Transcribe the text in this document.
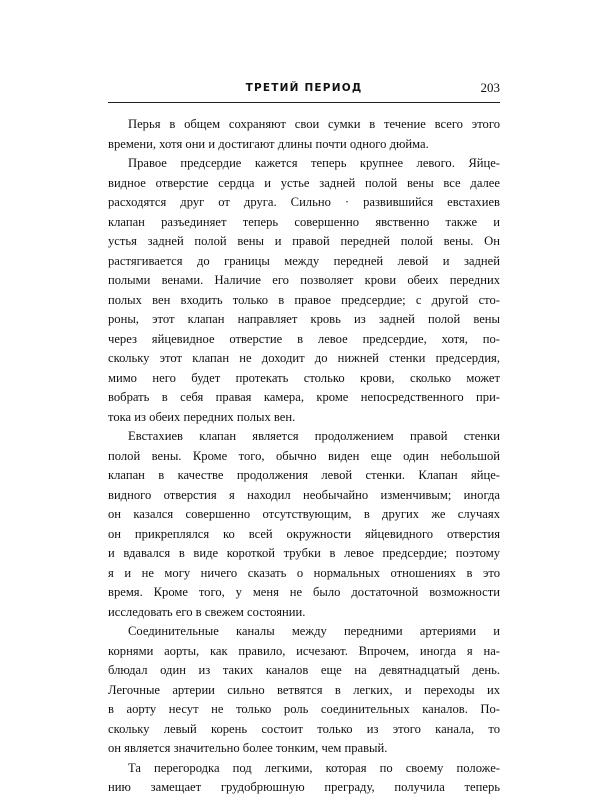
ТРЕТИЙ ПЕРИОД	203
Перья в общем сохраняют свои сумки в течение всего этого
времени, хотя они и достигают длины почти одного дюйма.
Правое предсердие кажется теперь крупнее левого. Яйце-
видное отверстие сердца и устье задней полой вены все далее
расходятся друг от друга. Сильно · развившийся евстахиев
клапан разъединяет теперь совершенно явственно также и
устья задней полой вены и правой передней полой вены. Он
растягивается до границы между передней левой и задней
полыми венами. Наличие его позволяет крови обеих передних
полых вен входить только в правое предсердие; с другой сто-
роны, этот клапан направляет кровь из задней полой вены
через яйцевидное отверстие в левое предсердие, хотя, по-
скольку этот клапан не доходит до нижней стенки предсердия,
мимо него будет протекать столько крови, сколько может
вобрать в себя правая камера, кроме непосредственного при-
тока из обеих передних полых вен.
Евстахиев клапан является продолжением правой стенки
полой вены. Кроме того, обычно виден еще один небольшой
клапан в качестве продолжения левой стенки. Клапан яйце-
видного отверстия я находил необычайно изменчивым; иногда
он казался совершенно отсутствующим, в других же случаях
он прикреплялся ко всей окружности яйцевидного отверстия
и вдавался в виде короткой трубки в левое предсердие; поэтому
я и не могу ничего сказать о нормальных отношениях в это
время. Кроме того, у меня не было достаточной возможности
исследовать его в свежем состоянии.
Соединительные каналы между передними артериями и
корнями аорты, как правило, исчезают. Впрочем, иногда я на-
блюдал один из таких каналов еще на девятнадцатый день.
Легочные артерии сильно ветвятся в легких, и переходы их
в аорту несут не только роль соединительных каналов. По-
скольку левый корень состоит только из этого канала, то
он является значительно более тонким, чем правый.
Та перегородка под легкими, которая по своему положе-
нию замещает грудобрюшную преграду, получила теперь
